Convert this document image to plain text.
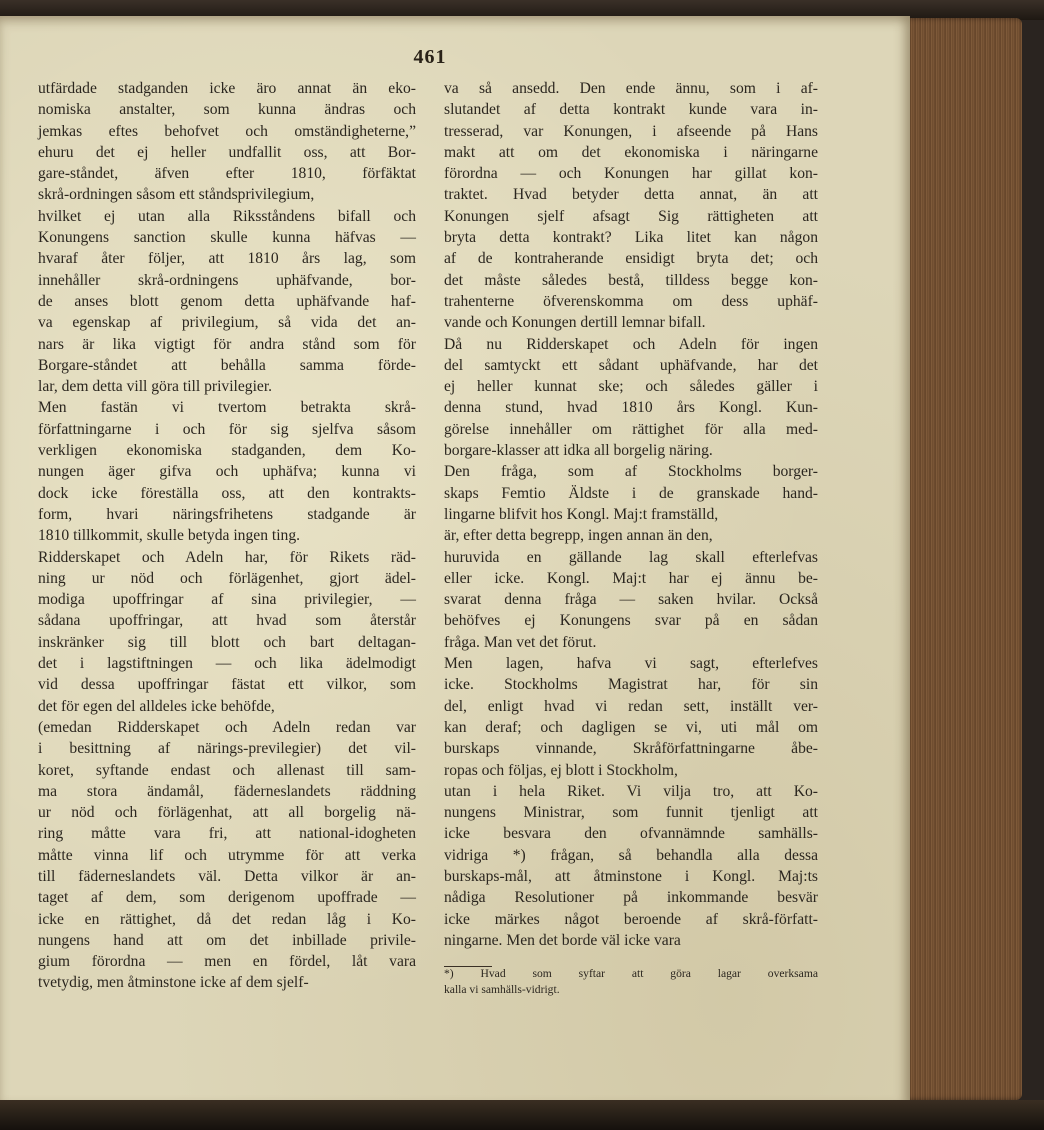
461
utfärdade stadganden icke äro annat än eko-
nomiska anstalter, som kunna ändras och
jemkas eftes behofvet och omständigheterne,”
ehuru det ej heller undfallit oss, att Bor-
gare-ståndet, äfven efter 1810, förfäktat
skrå-ordningen såsom ett ståndsprivilegium,
hvilket ej utan alla Riksståndens bifall och
Konungens sanction skulle kunna häfvas —
hvaraf åter följer, att 1810 års lag, som
innehåller skrå-ordningens uphäfvande, bor-
de anses blott genom detta uphäfvande haf-
va egenskap af privilegium, så vida det an-
nars är lika vigtigt för andra stånd som för
Borgare-ståndet att behålla samma förde-
lar, dem detta vill göra till privilegier.
Men fastän vi tvertom betrakta skrå-
författningarne i och för sig sjelfva såsom
verkligen ekonomiska stadganden, dem Ko-
nungen äger gifva och uphäfva; kunna vi
dock icke föreställa oss, att den kontrakts-
form, hvari näringsfrihetens stadgande är
1810 tillkommit, skulle betyda ingen ting.
Ridderskapet och Adeln har, för Rikets räd-
ning ur nöd och förlägenhet, gjort ädel-
modiga upoffringar af sina privilegier, —
sådana upoffringar, att hvad som återstår
inskränker sig till blott och bart deltagan-
det i lagstiftningen — och lika ädelmodigt
vid dessa upoffringar fästat ett vilkor, som
det för egen del alldeles icke behöfde,
(emedan Ridderskapet och Adeln redan var
i besittning af närings-previlegier) det vil-
koret, syftande endast och allenast till sam-
ma stora ändamål, fäderneslandets räddning
ur nöd och förlägenhat, att all borgelig nä-
ring måtte vara fri, att national-idogheten
måtte vinna lif och utrymme för att verka
till fäderneslandets väl. Detta vilkor är an-
taget af dem, som derigenom upoffrade —
icke en rättighet, då det redan låg i Ko-
nungens hand att om det inbillade privile-
gium förordna — men en fördel, låt vara
tvetydig, men åtminstone icke af dem sjelf-
va så ansedd. Den ende ännu, som i af-
slutandet af detta kontrakt kunde vara in-
tresserad, var Konungen, i afseende på Hans
makt att om det ekonomiska i näringarne
förordna — och Konungen har gillat kon-
traktet. Hvad betyder detta annat, än att
Konungen sjelf afsagt Sig rättigheten att
bryta detta kontrakt? Lika litet kan någon
af de kontraherande ensidigt bryta det; och
det måste således bestå, tilldess begge kon-
trahenterne öfverenskomma om dess uphäf-
vande och Konungen dertill lemnar bifall.
Då nu Ridderskapet och Adeln för ingen
del samtyckt ett sådant uphäfvande, har det
ej heller kunnat ske; och således gäller i
denna stund, hvad 1810 års Kongl. Kun-
görelse innehåller om rättighet för alla med-
borgare-klasser att idka all borgelig näring.
Den fråga, som af Stockholms borger-
skaps Femtio Äldste i de granskade hand-
lingarne blifvit hos Kongl. Maj:t framställd,
är, efter detta begrepp, ingen annan än den,
huruvida en gällande lag skall efterlefvas
eller icke. Kongl. Maj:t har ej ännu be-
svarat denna fråga — saken hvilar. Också
behöfves ej Konungens svar på en sådan
fråga. Man vet det förut.
Men lagen, hafva vi sagt, efterlefves
icke. Stockholms Magistrat har, för sin
del, enligt hvad vi redan sett, inställt ver-
kan deraf; och dagligen se vi, uti mål om
burskaps vinnande, Skråförfattningarne åbe-
ropas och följas, ej blott i Stockholm,
utan i hela Riket. Vi vilja tro, att Ko-
nungens Ministrar, som funnit tjenligt att
icke besvara den ofvannämnde samhälls-
vidriga *) frågan, så behandla alla dessa
burskaps-mål, att åtminstone i Kongl. Maj:ts
nådiga Resolutioner på inkommande besvär
icke märkes något beroende af skrå-författ-
ningarne. Men det borde väl icke vara
*) Hvad som syftar att göra lagar overksama
kalla vi samhälls-vidrigt.
